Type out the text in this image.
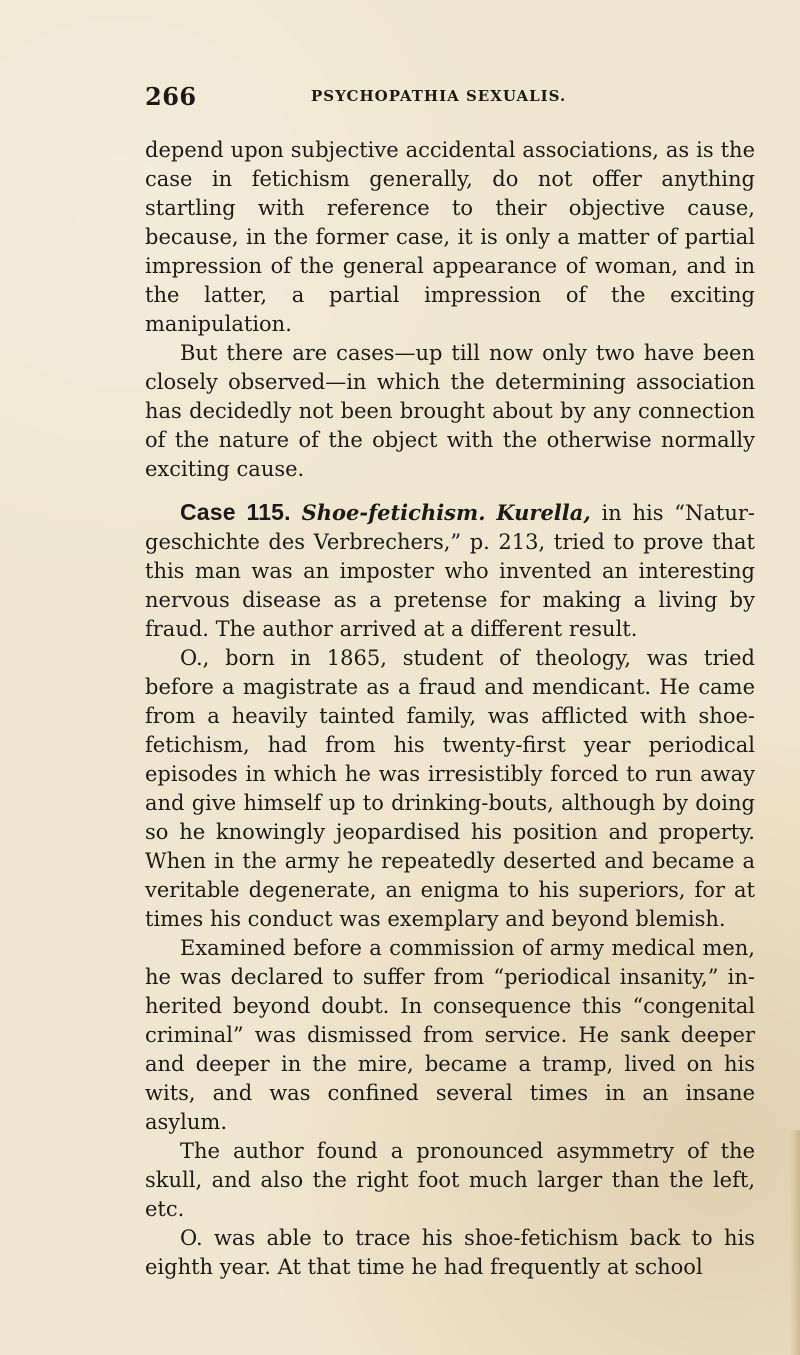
266	PSYCHOPATHIA SEXUALIS.

depend upon subjective accidental associations, as is the case in fetichism generally, do not offer anything startling with reference to their objective cause, because, in the former case, it is only a matter of partial impression of the general appearance of woman, and in the latter, a partial impression of the exciting manipulation.

But there are cases—up till now only two have been closely observed—in which the determining association has decidedly not been brought about by any connection of the nature of the object with the otherwise normally exciting cause.

Case 115. Shoe-fetichism. Kurella, in his “Natur-geschichte des Verbrechers,” p. 213, tried to prove that this man was an imposter who invented an interesting nervous disease as a pretense for making a living by fraud. The author arrived at a different result.

O., born in 1865, student of theology, was tried before a magistrate as a fraud and mendicant. He came from a heavily tainted family, was afflicted with shoe-fetichism, had from his twenty-first year periodical episodes in which he was irresistibly forced to run away and give himself up to drinking-bouts, although by doing so he knowingly jeopardised his position and property. When in the army he repeatedly deserted and became a veritable degenerate, an enigma to his superiors, for at times his conduct was exemplary and beyond blemish.

Examined before a commission of army medical men, he was declared to suffer from “periodical insanity,” in-herited beyond doubt. In consequence this “congenital criminal” was dismissed from service. He sank deeper and deeper in the mire, became a tramp, lived on his wits, and was confined several times in an insane asylum.

The author found a pronounced asymmetry of the skull, and also the right foot much larger than the left, etc.

O. was able to trace his shoe-fetichism back to his eighth year. At that time he had frequently at school
